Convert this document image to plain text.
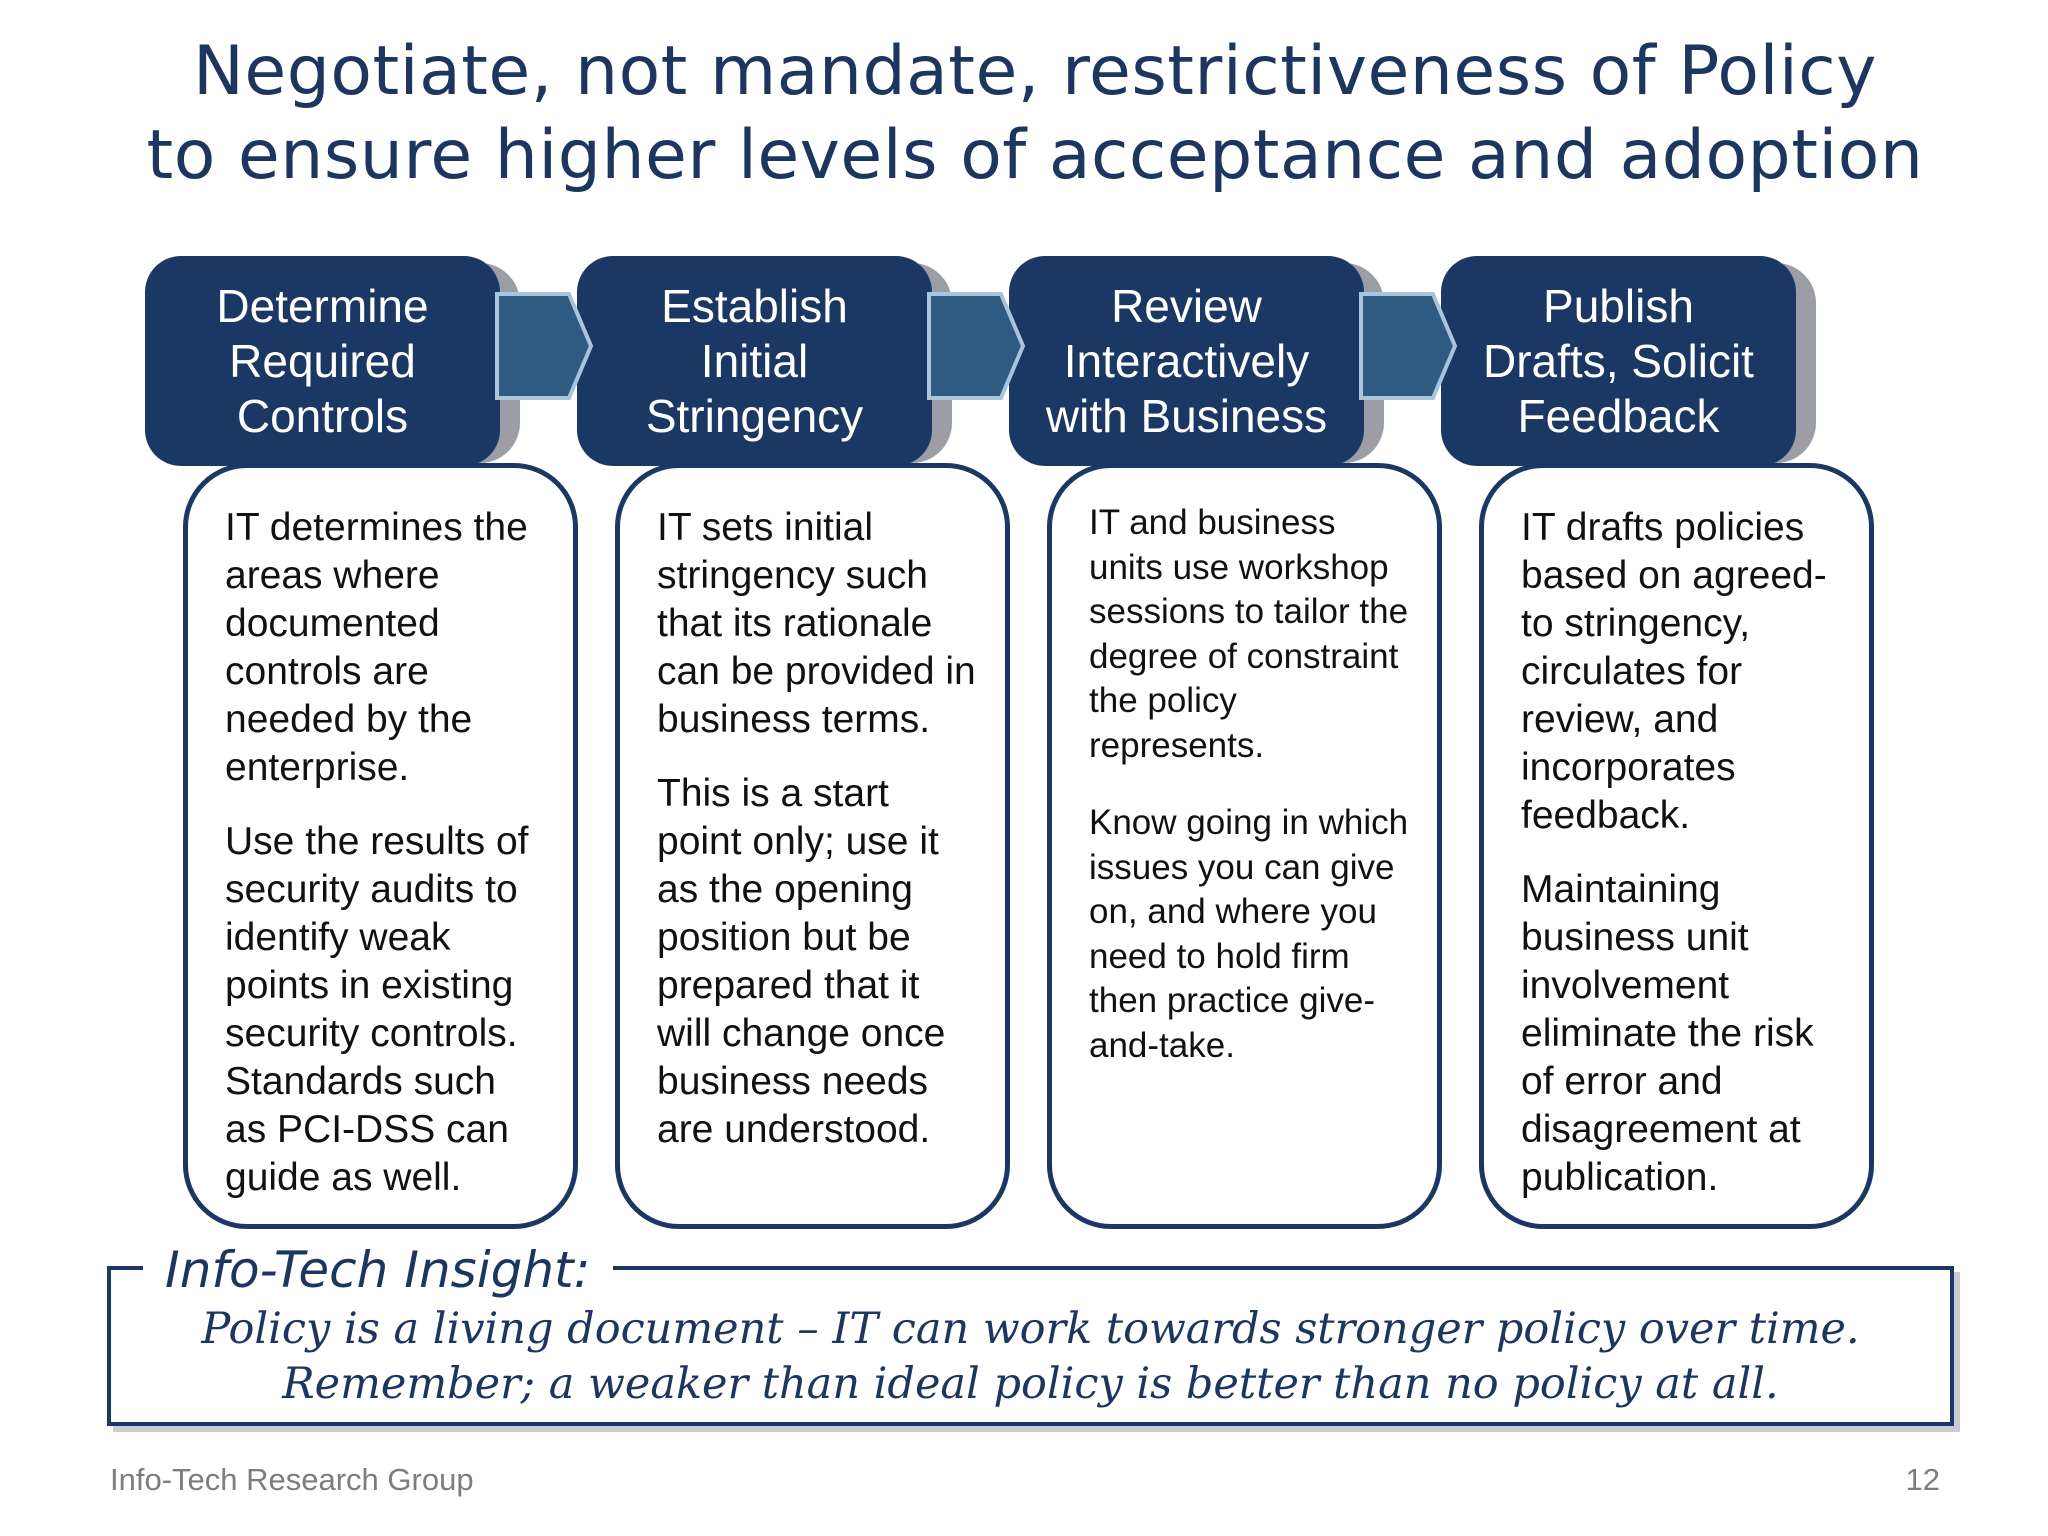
Negotiate, not mandate, restrictiveness of Policy
to ensure higher levels of acceptance and adoption
Determine
Required
Controls
Establish
Initial
Stringency
Review
Interactively
with Business
Publish
Drafts, Solicit
Feedback

IT determines the areas where documented controls are needed by the enterprise.

Use the results of security audits to identify weak points in existing security controls. Standards such as PCI-DSS can guide as well.

IT sets initial stringency such that its rationale can be provided in business terms.

This is a start point only; use it as the opening position but be prepared that it will change once business needs are understood.

IT and business units use workshop sessions to tailor the degree of constraint the policy represents.

Know going in which issues you can give on, and where you need to hold firm then practice give-and-take.

IT drafts policies based on agreed-to stringency, circulates for review, and incorporates feedback.

Maintaining business unit involvement eliminate the risk of error and disagreement at publication.

Info-Tech Insight:
Policy is a living document – IT can work towards stronger policy over time.
Remember; a weaker than ideal policy is better than no policy at all.
Info-Tech Research Group	12
